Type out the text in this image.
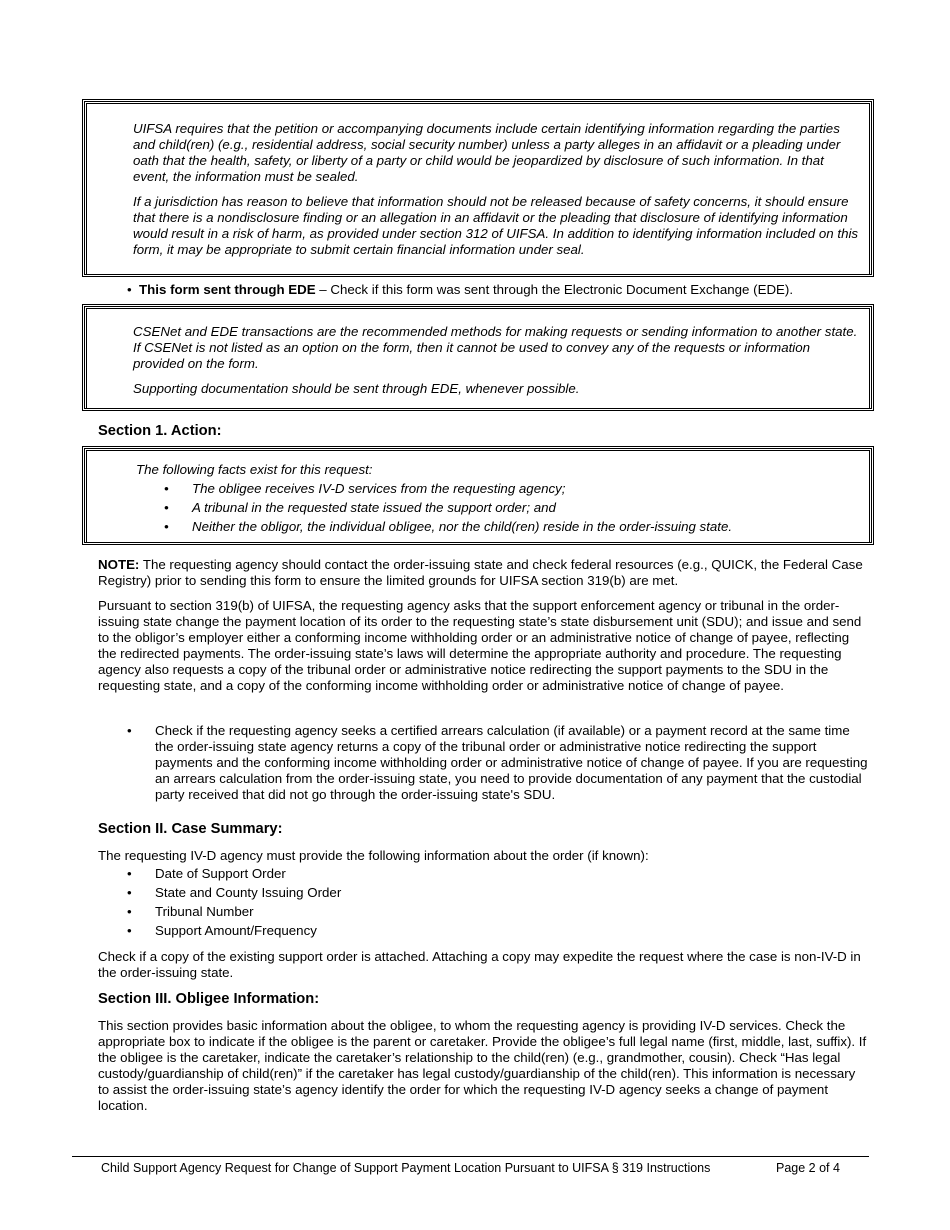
UIFSA requires that the petition or accompanying documents include certain identifying information regarding the parties and child(ren) (e.g., residential address, social security number) unless a party alleges in an affidavit or a pleading under oath that the health, safety, or liberty of a party or child would be jeopardized by disclosure of such information. In that event, the information must be sealed.

If a jurisdiction has reason to believe that information should not be released because of safety concerns, it should ensure that there is a nondisclosure finding or an allegation in an affidavit or the pleading that disclosure of identifying information would result in a risk of harm, as provided under section 312 of UIFSA. In addition to identifying information included on this form, it may be appropriate to submit certain financial information under seal.

•  This form sent through EDE – Check if this form was sent through the Electronic Document Exchange (EDE).

CSENet and EDE transactions are the recommended methods for making requests or sending information to another state. If CSENet is not listed as an option on the form, then it cannot be used to convey any of the requests or information provided on the form.

Supporting documentation should be sent through EDE, whenever possible.

Section 1. Action:

The following facts exist for this request:

• The obligee receives IV-D services from the requesting agency;
• A tribunal in the requested state issued the support order; and
• Neither the obligor, the individual obligee, nor the child(ren) reside in the order-issuing state.
NOTE: The requesting agency should contact the order-issuing state and check federal resources (e.g., QUICK, the Federal Case Registry) prior to sending this form to ensure the limited grounds for UIFSA section 319(b) are met.
Pursuant to section 319(b) of UIFSA, the requesting agency asks that the support enforcement agency or tribunal in the order-issuing state change the payment location of its order to the requesting state’s state disbursement unit (SDU); and issue and send to the obligor’s employer either a conforming income withholding order or an administrative notice of change of payee, reflecting the redirected payments. The order-issuing state’s laws will determine the appropriate authority and procedure. The requesting agency also requests a copy of the tribunal order or administrative notice redirecting the support payments to the SDU in the requesting state, and a copy of the conforming income withholding order or administrative notice of change of payee.
• Check if the requesting agency seeks a certified arrears calculation (if available) or a payment record at the same time the order-issuing state agency returns a copy of the tribunal order or administrative notice redirecting the support payments and the conforming income withholding order or administrative notice of change of payee. If you are requesting an arrears calculation from the order-issuing state, you need to provide documentation of any payment that the custodial party received that did not go through the order-issuing state's SDU.
Section II. Case Summary:
The requesting IV-D agency must provide the following information about the order (if known):
• Date of Support Order
• State and County Issuing Order
• Tribunal Number
• Support Amount/Frequency
Check if a copy of the existing support order is attached. Attaching a copy may expedite the request where the case is non-IV-D in the order-issuing state.
Section III. Obligee Information:
This section provides basic information about the obligee, to whom the requesting agency is providing IV-D services. Check the appropriate box to indicate if the obligee is the parent or caretaker. Provide the obligee’s full legal name (first, middle, last, suffix). If the obligee is the caretaker, indicate the caretaker’s relationship to the child(ren) (e.g., grandmother, cousin). Check “Has legal custody/guardianship of child(ren)” if the caretaker has legal custody/guardianship of the child(ren). This information is necessary to assist the order-issuing state’s agency identify the order for which the requesting IV-D agency seeks a change of payment location.
Child Support Agency Request for Change of Support Payment Location Pursuant to UIFSA § 319 Instructions	Page 2 of 4
